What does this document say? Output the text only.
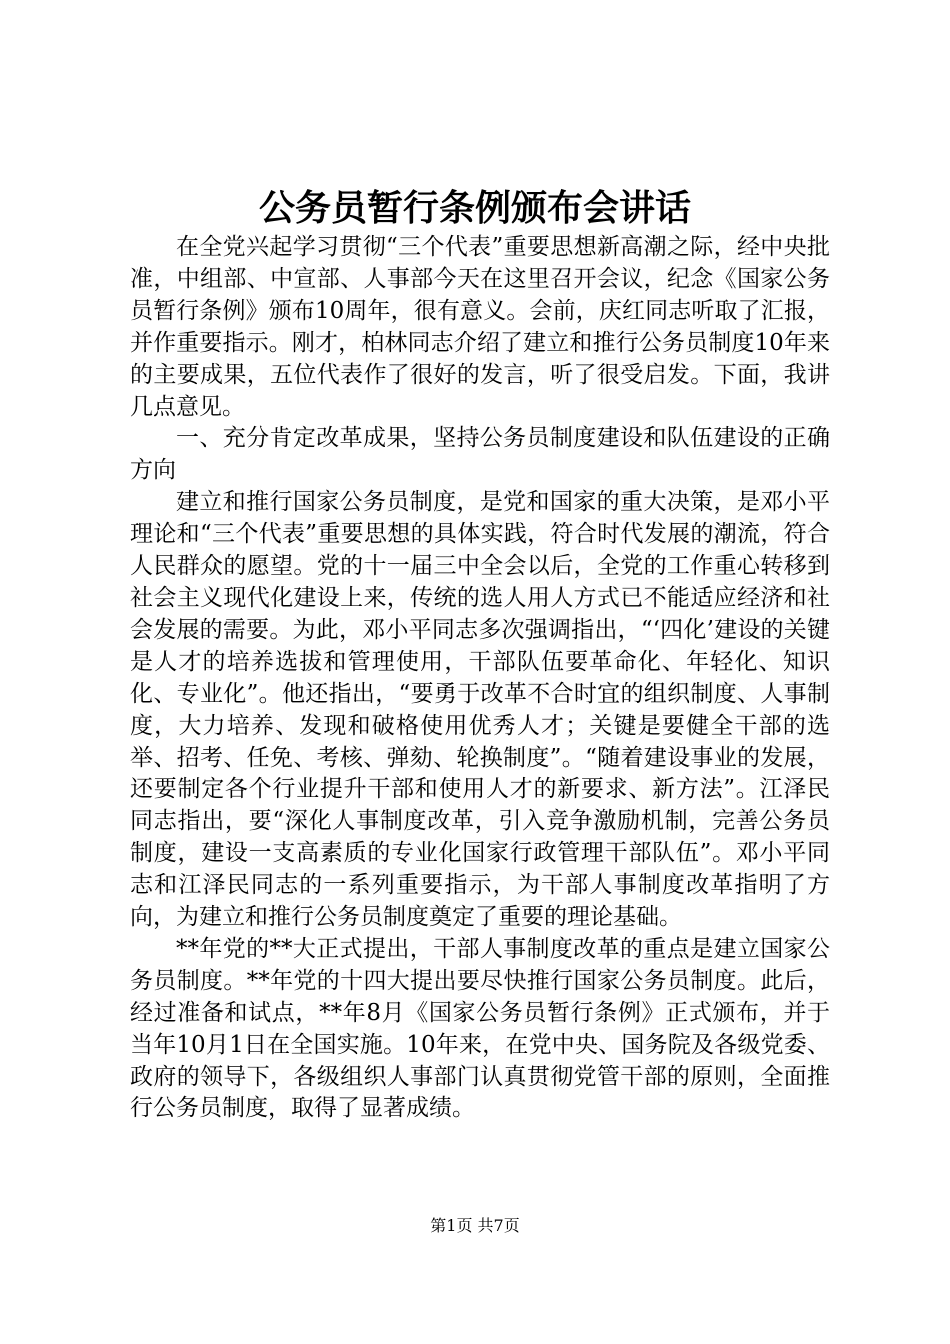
公务员暂行条例颁布会讲话

在全党兴起学习贯彻“三个代表”重要思想新高潮之际，经中央批准，中组部、中宣部、人事部今天在这里召开会议，纪念《国家公务员暂行条例》颁布10周年，很有意义。会前，庆红同志听取了汇报，并作重要指示。刚才，柏林同志介绍了建立和推行公务员制度10年来的主要成果，五位代表作了很好的发言，听了很受启发。下面，我讲几点意见。

一、充分肯定改革成果，坚持公务员制度建设和队伍建设的正确方向

建立和推行国家公务员制度，是党和国家的重大决策，是邓小平理论和“三个代表”重要思想的具体实践，符合时代发展的潮流，符合人民群众的愿望。党的十一届三中全会以后，全党的工作重心转移到社会主义现代化建设上来，传统的选人用人方式已不能适应经济和社会发展的需要。为此，邓小平同志多次强调指出，“‘四化’建设的关键是人才的培养选拔和管理使用，干部队伍要革命化、年轻化、知识化、专业化”。他还指出，“要勇于改革不合时宜的组织制度、人事制度，大力培养、发现和破格使用优秀人才；关键是要健全干部的选举、招考、任免、考核、弹劾、轮换制度”。“随着建设事业的发展，还要制定各个行业提升干部和使用人才的新要求、新方法”。江泽民同志指出，要“深化人事制度改革，引入竞争激励机制，完善公务员制度，建设一支高素质的专业化国家行政管理干部队伍”。邓小平同志和江泽民同志的一系列重要指示，为干部人事制度改革指明了方向，为建立和推行公务员制度奠定了重要的理论基础。

**年党的**大正式提出，干部人事制度改革的重点是建立国家公务员制度。**年党的十四大提出要尽快推行国家公务员制度。此后，经过准备和试点，**年8月《国家公务员暂行条例》正式颁布，并于当年10月1日在全国实施。10年来，在党中央、国务院及各级党委、政府的领导下，各级组织人事部门认真贯彻党管干部的原则，全面推行公务员制度，取得了显著成绩。

第1页 共7页
